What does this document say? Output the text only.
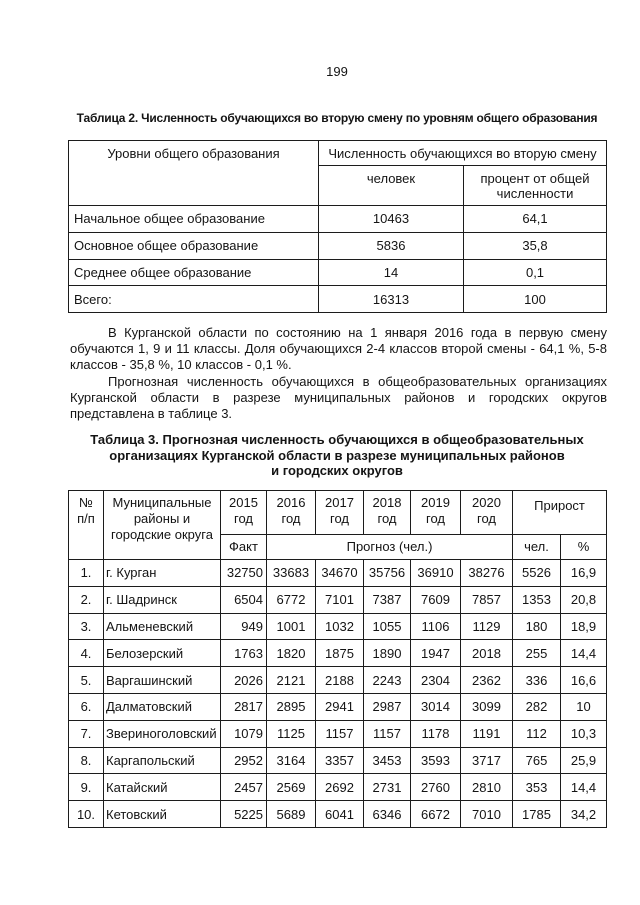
199
Таблица 2. Численность обучающихся во вторую смену по уровням общего образования
Уровни общего образования	Численность обучающихся во вторую смену	
	человек	процент от общей численности
Начальное общее образование	10463	64,1
Основное общее образование	5836	35,8
Среднее общее образование	14	0,1
Всего:	16313	100

В Курганской области по состоянию на 1 января 2016 года в первую смену обучаются 1, 9 и 11 классы. Доля обучающихся 2-4 классов второй смены - 64,1 %, 5-8 классов - 35,8 %, 10 классов - 0,1 %.

Прогнозная численность обучающихся в общеобразовательных организациях Курганской области в разрезе муниципальных районов и городских округов представлена в таблице 3.

Таблица 3. Прогнозная численность обучающихся в общеобразовательных
организациях Курганской области в разрезе муниципальных районов
и городских округов
№ п/п	Муниципальные районы и городские округа	2015 год	2016 год	2017 год	2018 год	2019 год	2020 год	Прирост	
		Факт	Прогноз (чел.)					чел.	%
1.	г. Курган	32750	33683	34670	35756	36910	38276	5526	16,9
2.	г. Шадринск	6504	6772	7101	7387	7609	7857	1353	20,8
3.	Альменевский	949	1001	1032	1055	1106	1129	180	18,9
4.	Белозерский	1763	1820	1875	1890	1947	2018	255	14,4
5.	Варгашинский	2026	2121	2188	2243	2304	2362	336	16,6
6.	Далматовский	2817	2895	2941	2987	3014	3099	282	10
7.	Звериноголовский	1079	1125	1157	1157	1178	1191	112	10,3
8.	Каргапольский	2952	3164	3357	3453	3593	3717	765	25,9
9.	Катайский	2457	2569	2692	2731	2760	2810	353	14,4
10.	Кетовский	5225	5689	6041	6346	6672	7010	1785	34,2
